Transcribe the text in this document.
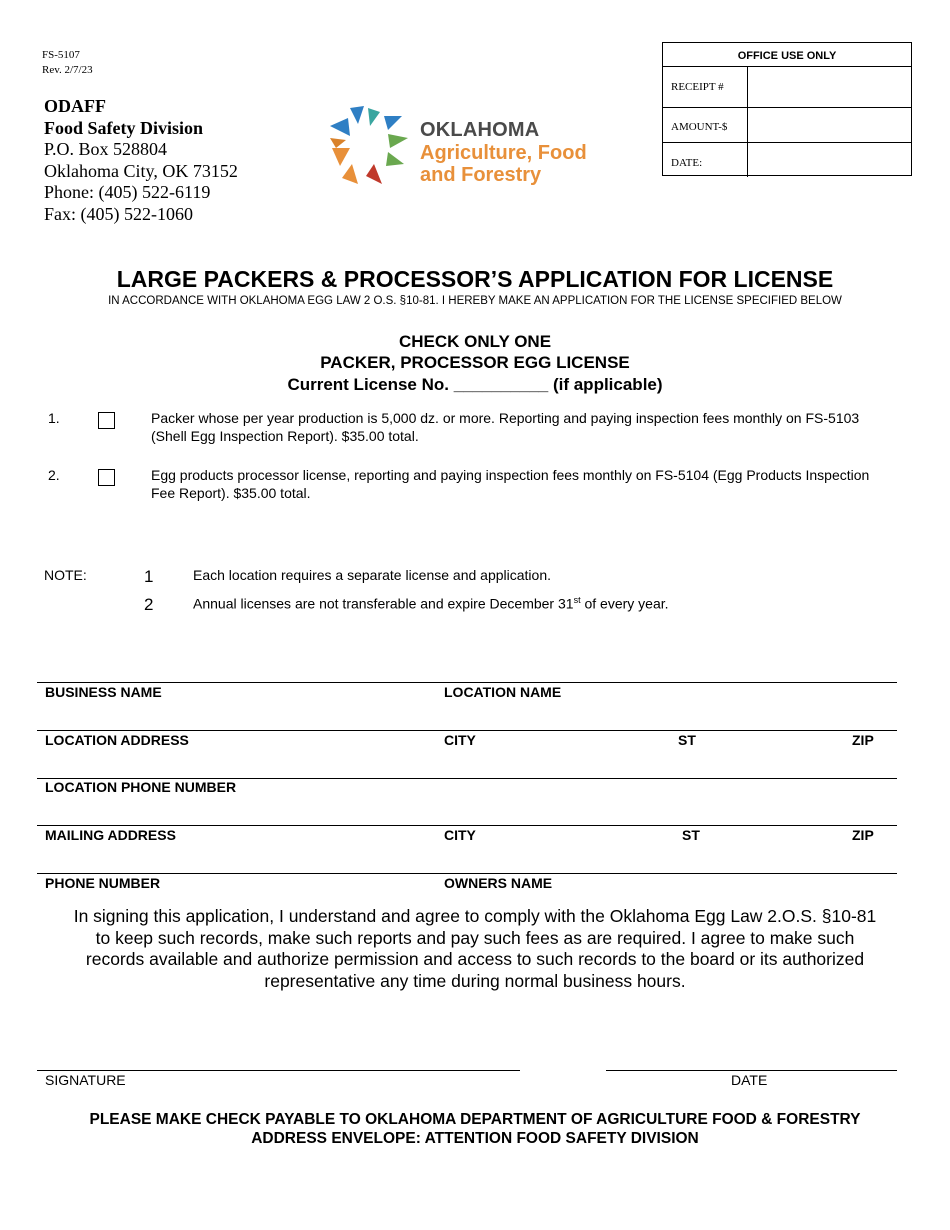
FS-5107
Rev. 2/7/23
ODAFF
Food Safety Division
P.O. Box 528804
Oklahoma City, OK 73152
Phone: (405) 522-6119
Fax: (405) 522-1060
OKLAHOMA
Agriculture, Food
and Forestry
OFFICE USE ONLY
RECEIPT #
AMOUNT-$
DATE:
LARGE PACKERS & PROCESSOR’S APPLICATION FOR LICENSE
IN ACCORDANCE WITH OKLAHOMA EGG LAW 2 O.S. §10-81. I HEREBY MAKE AN APPLICATION FOR THE LICENSE SPECIFIED BELOW
CHECK ONLY ONE
PACKER, PROCESSOR EGG LICENSE
Current License No. __________ (if applicable)
1.	Packer whose per year production is 5,000 dz. or more. Reporting and paying inspection fees monthly on FS-5103 (Shell Egg Inspection Report). $35.00 total.
2.	Egg products processor license, reporting and paying inspection fees monthly on FS-5104 (Egg Products Inspection Fee Report). $35.00 total.
NOTE:	1	Each location requires a separate license and application.
2	Annual licenses are not transferable and expire December 31st of every year.
BUSINESS NAME	LOCATION NAME
LOCATION ADDRESS	CITY	ST	ZIP
LOCATION PHONE NUMBER
MAILING ADDRESS	CITY	ST	ZIP
PHONE NUMBER	OWNERS NAME
In signing this application, I understand and agree to comply with the Oklahoma Egg Law 2.O.S. §10-81
to keep such records, make such reports and pay such fees as are required. I agree to make such
records available and authorize permission and access to such records to the board or its authorized
representative any time during normal business hours.
SIGNATURE	DATE
PLEASE MAKE CHECK PAYABLE TO OKLAHOMA DEPARTMENT OF AGRICULTURE FOOD & FORESTRY
ADDRESS ENVELOPE: ATTENTION FOOD SAFETY DIVISION
